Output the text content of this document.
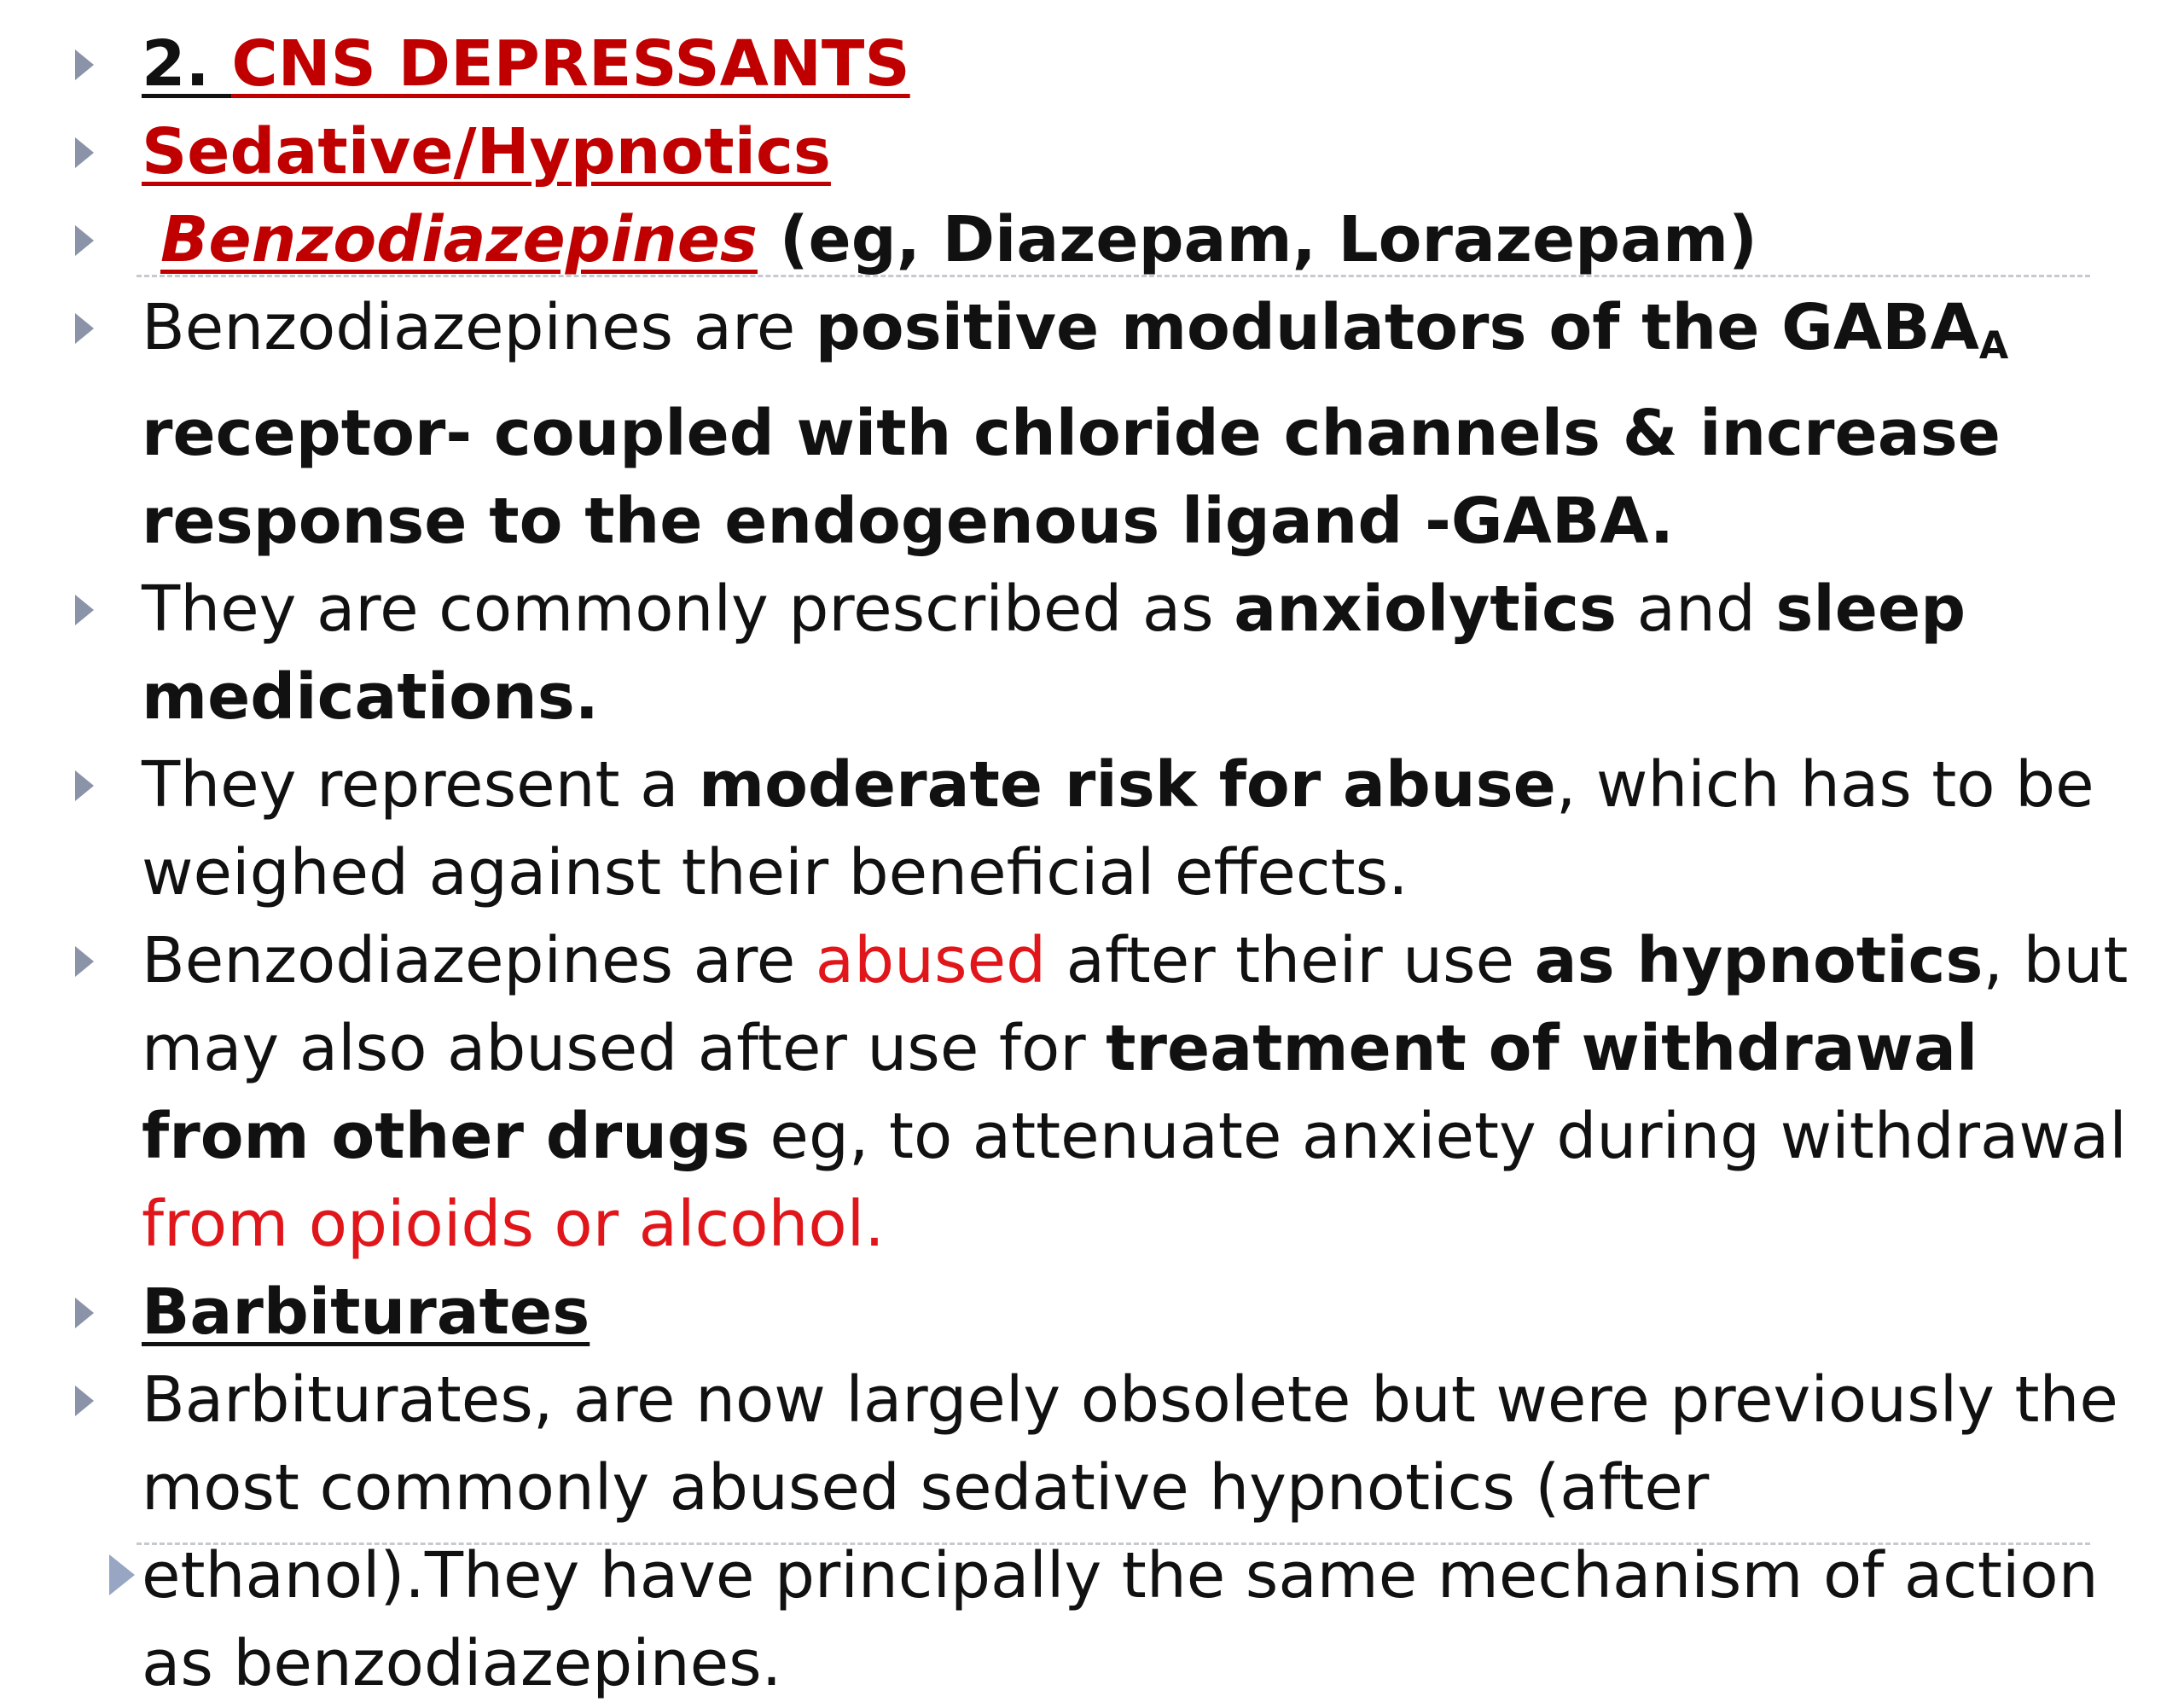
2. CNS DEPRESSANTS
Sedative/Hypnotics
Benzodiazepines (eg, Diazepam, Lorazepam)
Benzodiazepines are positive modulators of the $GABA_A$ receptor- coupled with chloride channels & increase response to the endogenous ligand -GABA.
They are commonly prescribed as anxiolytics and sleep medications.
They represent a moderate risk for abuse, which has to be weighed against their beneficial effects.
Benzodiazepines are abused after their use as hypnotics, but may also abused after use for treatment of withdrawal from other drugs eg, to attenuate anxiety during withdrawal from opioids or alcohol.
Barbiturates
Barbiturates, are now largely obsolete but were previously the most commonly abused sedative hypnotics (after ethanol).They have principally the same mechanism of action as benzodiazepines.
